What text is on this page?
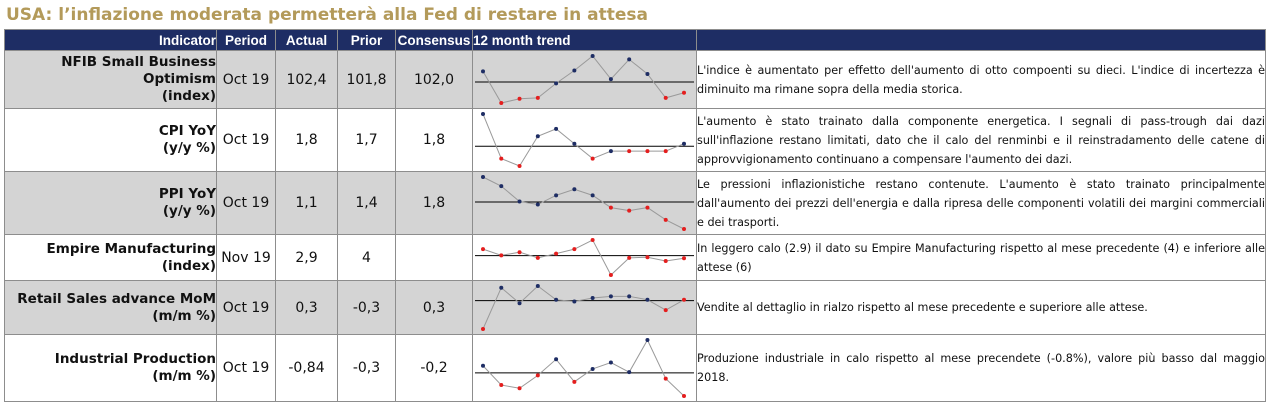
USA: l’inflazione moderata permetterà alla Fed di restare in attesa
Indicator	Period	Actual	Prior	Consensus	12 month trend	

NFIB Small Business
Optimism
(index)	Oct 19	102,4	101,8	102,0		L'indice è aumentato per effetto dell'aumento di otto compoenti su dieci. L'indice di incertezza è diminuito ma rimane sopra della media storica.

CPI YoY
(y/y %)	Oct 19	1,8	1,7	1,8		L'aumento è stato trainato dalla componente energetica. I segnali di pass-trough dai dazi sull'inflazione restano limitati, dato che il calo del renminbi e il reinstradamento delle catene di approvvigionamento continuano a compensare l'aumento dei dazi.

PPI YoY
(y/y %)	Oct 19	1,1	1,4	1,8		Le pressioni inflazionistiche restano contenute. L'aumento è stato trainato principalmente dall'aumento dei prezzi dell'energia e dalla ripresa delle componenti volatili dei margini commerciali e dei trasporti.

Empire Manufacturing
(index)	Nov 19	2,9	4			In leggero calo (2.9) il dato su Empire Manufacturing rispetto al mese precedente (4) e inferiore alle attese (6)

Retail Sales advance MoM
(m/m %)	Oct 19	0,3	-0,3	0,3		Vendite al dettaglio in rialzo rispetto al mese precedente e superiore alle attese.

Industrial Production
(m/m %)	Oct 19	-0,84	-0,3	-0,2		Produzione industriale in calo rispetto al mese precendete (-0.8%), valore più basso dal maggio 2018.
